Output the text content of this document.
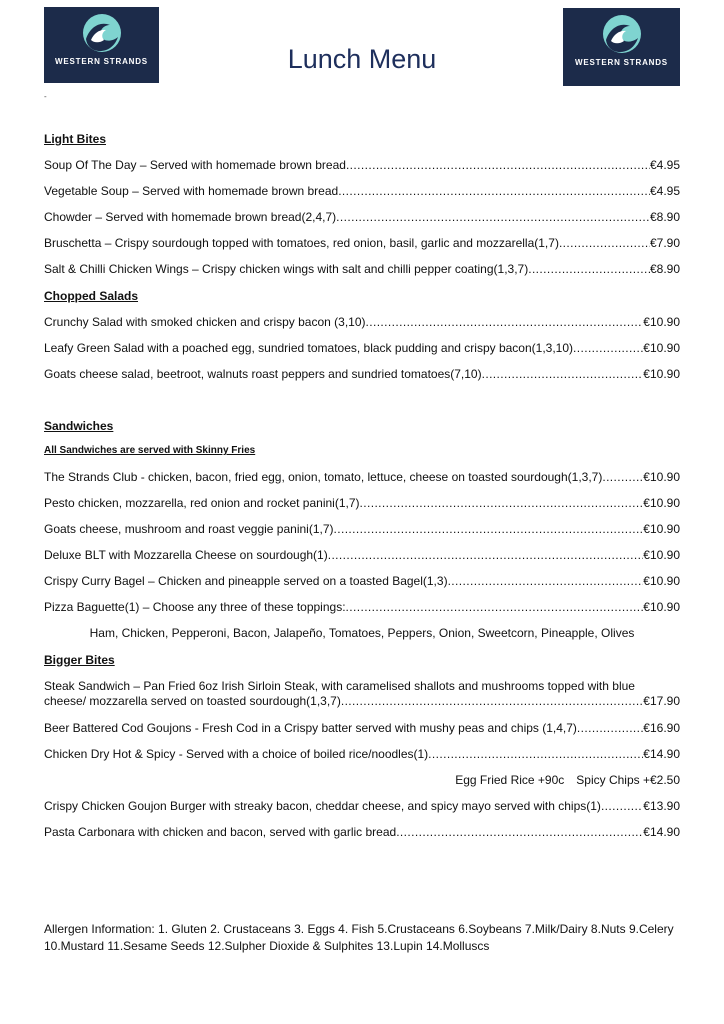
WESTERN STRANDS	WESTERN STRANDS
Lunch Menu
-
Light Bites
Soup Of The Day – Served with homemade brown bread .....	€4.95
Vegetable Soup – Served with homemade brown bread .....	€4.95
Chowder – Served with homemade brown bread(2,4,7) .....	€8.90
Bruschetta – Crispy sourdough topped with tomatoes, red onion, basil, garlic and mozzarella(1,7) .....	€7.90
Salt & Chilli Chicken Wings – Crispy chicken wings with salt and chilli pepper coating(1,3,7) .....	€8.90
Chopped Salads
Crunchy Salad with smoked chicken and crispy bacon (3,10) .....	€10.90
Leafy Green Salad with a poached egg, sundried tomatoes, black pudding and crispy bacon(1,3,10) .....	€10.90
Goats cheese salad, beetroot, walnuts roast peppers and sundried tomatoes(7,10) .....	€10.90
Sandwiches
All Sandwiches are served with Skinny Fries
The Strands Club - chicken, bacon, fried egg, onion, tomato, lettuce, cheese on toasted sourdough(1,3,7) .....	€10.90
Pesto chicken, mozzarella, red onion and rocket panini(1,7) .....	€10.90
Goats cheese, mushroom and roast veggie panini(1,7) .....	€10.90
Deluxe BLT with Mozzarella Cheese on sourdough(1) .....	€10.90
Crispy Curry Bagel – Chicken and pineapple served on a toasted Bagel(1,3) .....	€10.90
Pizza Baguette(1) – Choose any three of these toppings: .....	€10.90
Ham, Chicken, Pepperoni, Bacon, Jalapeño, Tomatoes, Peppers, Onion, Sweetcorn, Pineapple, Olives
Bigger Bites
Steak Sandwich – Pan Fried 6oz Irish Sirloin Steak, with caramelised shallots and mushrooms topped with blue
cheese/ mozzarella served on toasted sourdough(1,3,7) .....	€17.90
Beer Battered Cod Goujons - Fresh Cod in a Crispy batter served with mushy peas and chips (1,4,7) .....	€16.90
Chicken Dry Hot & Spicy - Served with a choice of boiled rice/noodles(1) .....	€14.90
Egg Fried Rice +90c Spicy Chips +€2.50
Crispy Chicken Goujon Burger with streaky bacon, cheddar cheese, and spicy mayo served with chips(1) .....	€13.90
Pasta Carbonara with chicken and bacon, served with garlic bread .....	€14.90
Allergen Information: 1. Gluten 2. Crustaceans 3. Eggs 4. Fish 5.Crustaceans 6.Soybeans 7.Milk/Dairy 8.Nuts 9.Celery
10.Mustard 11.Sesame Seeds 12.Sulpher Dioxide & Sulphites 13.Lupin 14.Molluscs
